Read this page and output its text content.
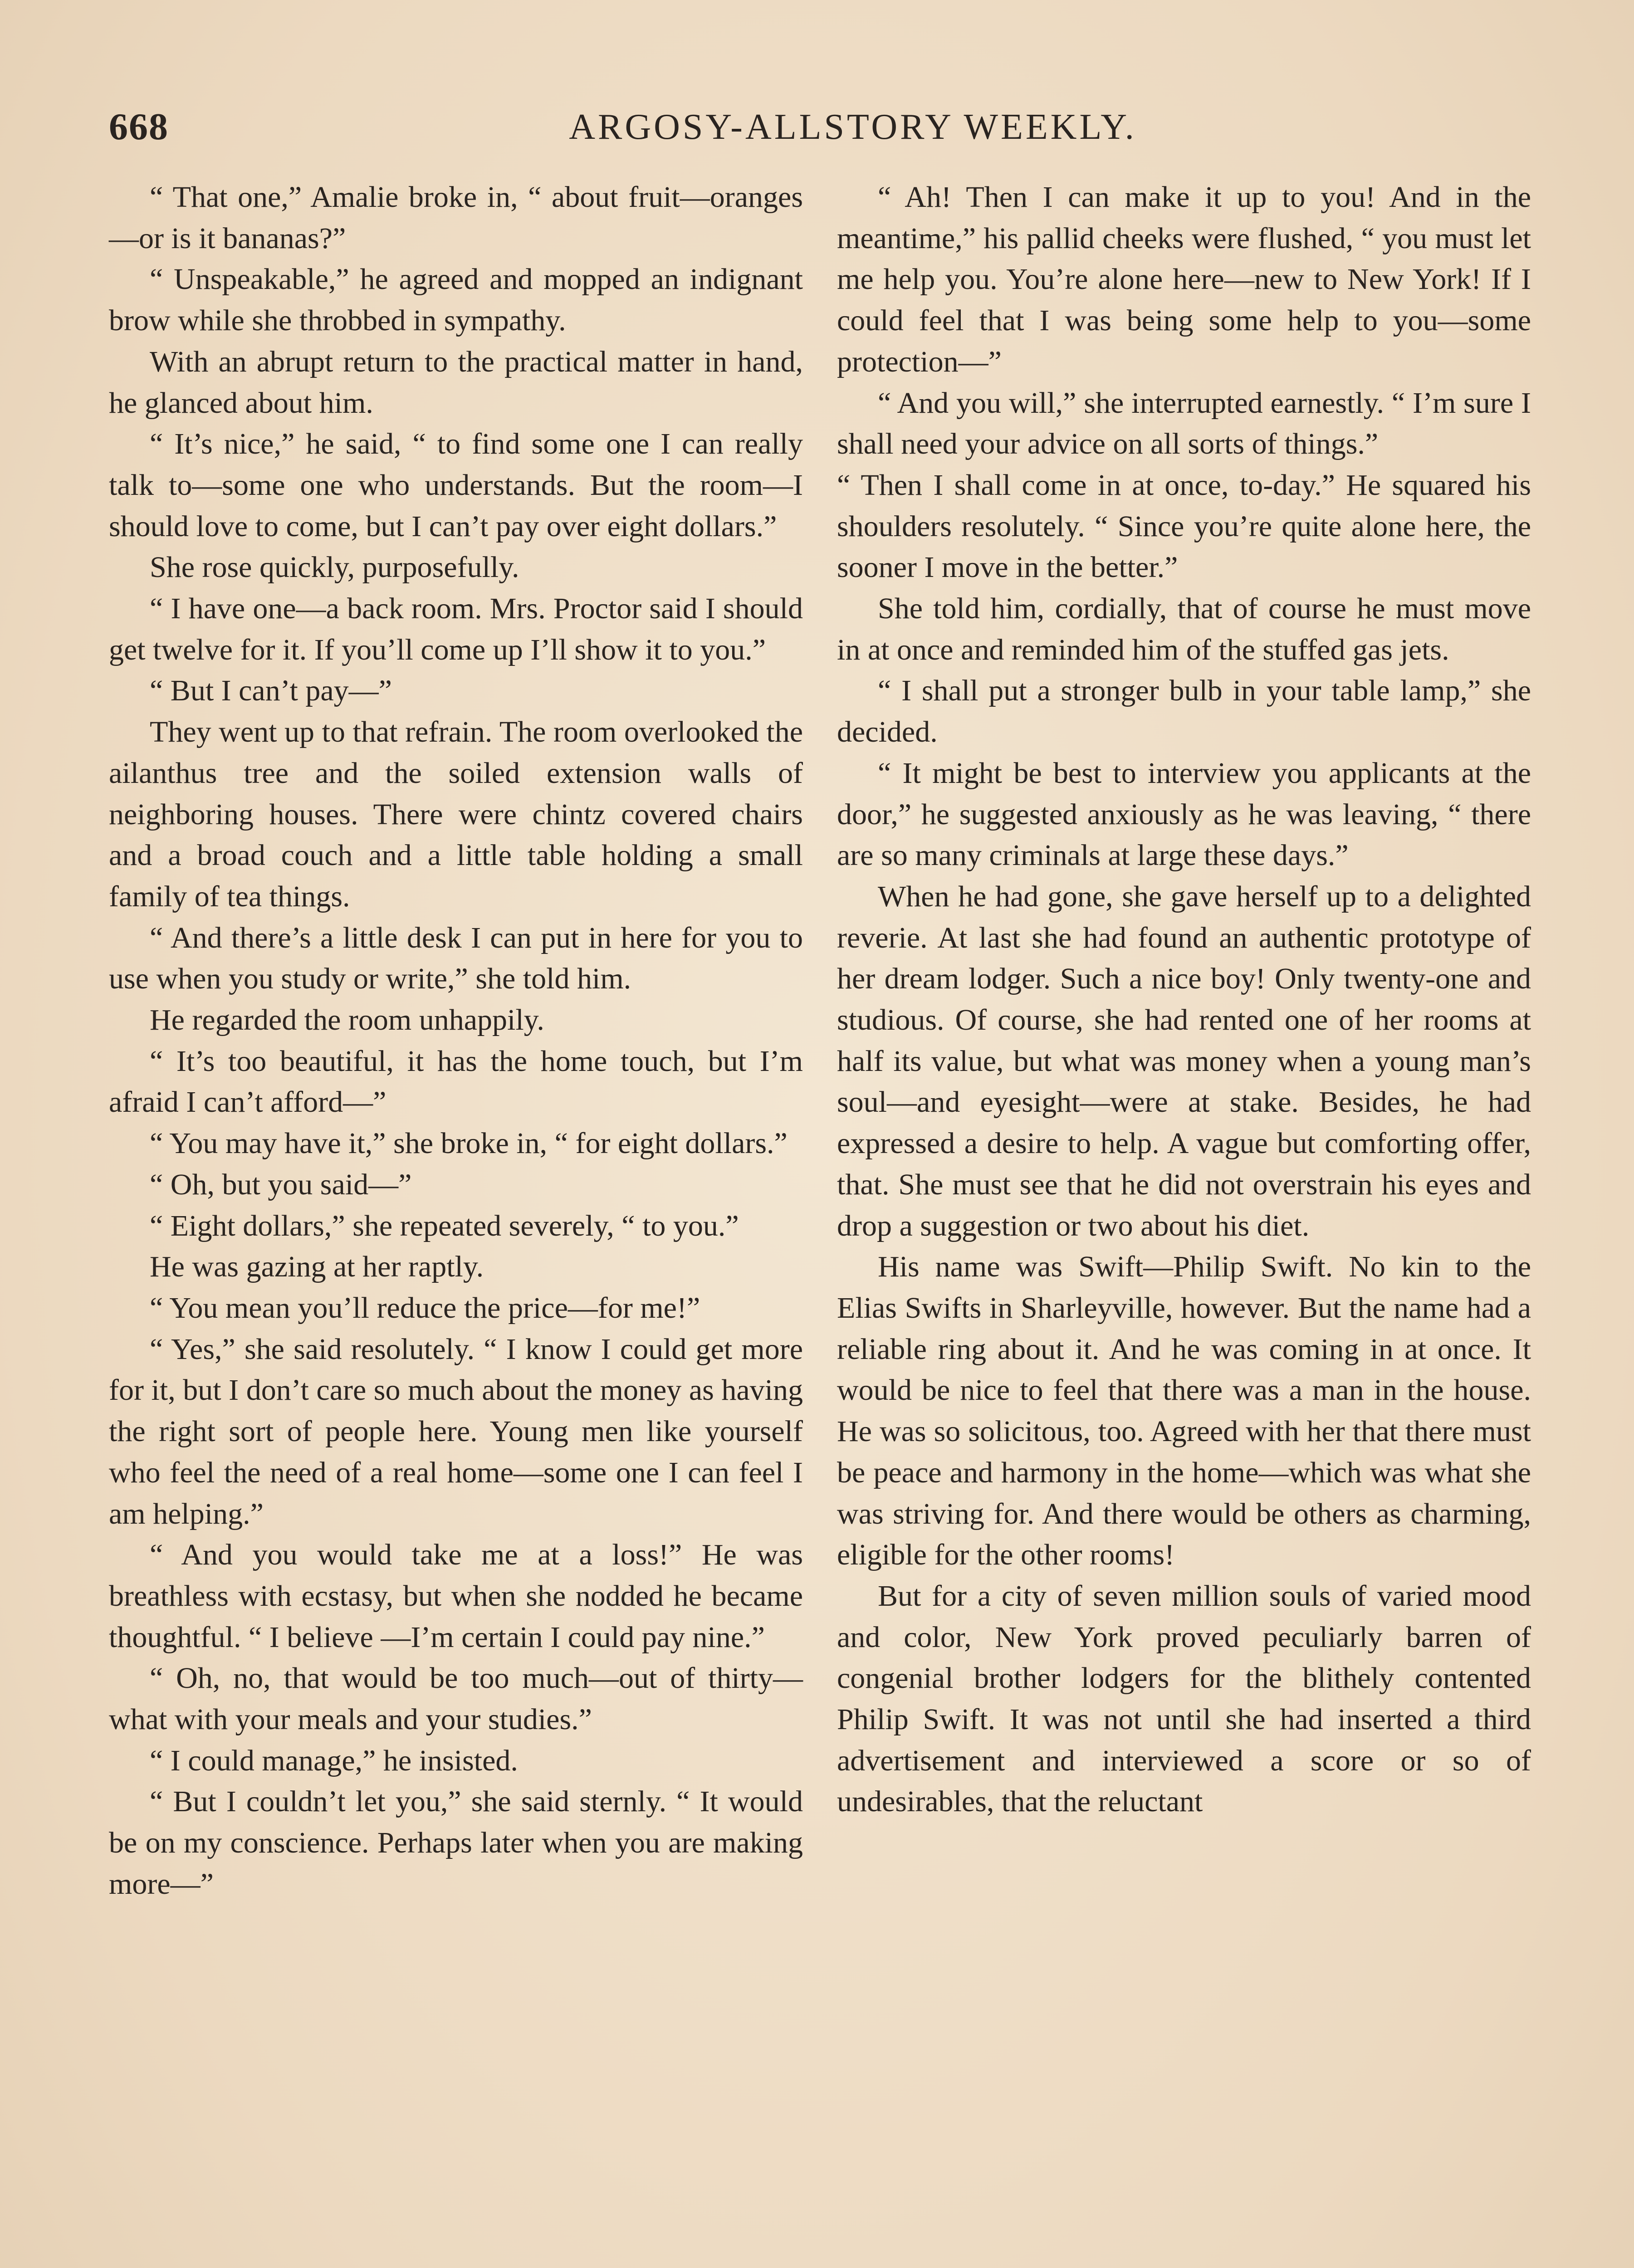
668	ARGOSY-ALLSTORY WEEKLY.

“ That one,” Amalie broke in, “ about fruit—oranges—or is it bananas?”

“ Unspeakable,” he agreed and mopped an indignant brow while she throbbed in sympathy.

With an abrupt return to the practical matter in hand, he glanced about him.

“ It’s nice,” he said, “ to find some one I can really talk to—some one who understands. But the room—I should love to come, but I can’t pay over eight dollars.”

She rose quickly, purposefully.

“ I have one—a back room. Mrs. Proctor said I should get twelve for it. If you’ll come up I’ll show it to you.”

“ But I can’t pay—”

They went up to that refrain. The room overlooked the ailanthus tree and the soiled extension walls of neighboring houses. There were chintz covered chairs and a broad couch and a little table holding a small family of tea things.

“ And there’s a little desk I can put in here for you to use when you study or write,” she told him.

He regarded the room unhappily.

“ It’s too beautiful, it has the home touch, but I’m afraid I can’t afford—”

“ You may have it,” she broke in, “ for eight dollars.”

“ Oh, but you said—”

“ Eight dollars,” she repeated severely, “ to you.”

He was gazing at her raptly.

“ You mean you’ll reduce the price—for me!”

“ Yes,” she said resolutely. “ I know I could get more for it, but I don’t care so much about the money as having the right sort of people here. Young men like yourself who feel the need of a real home—some one I can feel I am helping.”

“ And you would take me at a loss!” He was breathless with ecstasy, but when she nodded he became thoughtful. “ I believe —I’m certain I could pay nine.”

“ Oh, no, that would be too much—out of thirty—what with your meals and your studies.”

“ I could manage,” he insisted.

“ But I couldn’t let you,” she said sternly. “ It would be on my conscience. Perhaps later when you are making more—”

“ Ah! Then I can make it up to you! And in the meantime,” his pallid cheeks were flushed, “ you must let me help you. You’re alone here—new to New York! If I could feel that I was being some help to you—some protection—”

“ And you will,” she interrupted earnestly. “ I’m sure I shall need your advice on all sorts of things.”

“ Then I shall come in at once, to-day.” He squared his shoulders resolutely. “ Since you’re quite alone here, the sooner I move in the better.”

She told him, cordially, that of course he must move in at once and reminded him of the stuffed gas jets.

“ I shall put a stronger bulb in your table lamp,” she decided.

“ It might be best to interview you applicants at the door,” he suggested anxiously as he was leaving, “ there are so many criminals at large these days.”

When he had gone, she gave herself up to a delighted reverie. At last she had found an authentic prototype of her dream lodger. Such a nice boy! Only twenty-one and studious. Of course, she had rented one of her rooms at half its value, but what was money when a young man’s soul—and eyesight—were at stake. Besides, he had expressed a desire to help. A vague but comforting offer, that. She must see that he did not overstrain his eyes and drop a suggestion or two about his diet.

His name was Swift—Philip Swift. No kin to the Elias Swifts in Sharleyville, however. But the name had a reliable ring about it. And he was coming in at once. It would be nice to feel that there was a man in the house. He was so solicitous, too. Agreed with her that there must be peace and harmony in the home—which was what she was striving for. And there would be others as charming, eligible for the other rooms!

But for a city of seven million souls of varied mood and color, New York proved peculiarly barren of congenial brother lodgers for the blithely contented Philip Swift. It was not until she had inserted a third advertisement and interviewed a score or so of undesirables, that the reluctant
